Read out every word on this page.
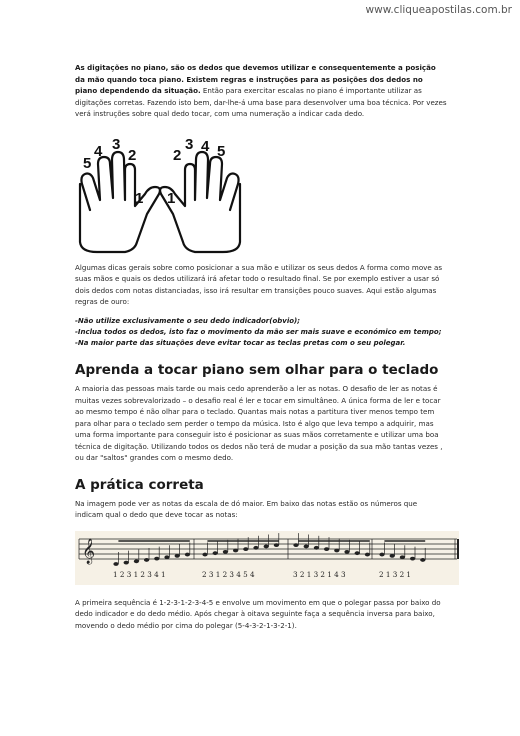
www.cliqueapostilas.com.br

As digitações no piano, são os dedos que devemos utilizar e consequentemente a posição da mão quando toca piano. Existem regras e instruções para as posições dos dedos no piano dependendo da situação. Então para exercitar escalas no piano é importante utilizar as digitações corretas. Fazendo isto bem, dar-lhe-á uma base para desenvolver uma boa técnica. Por vezes verá instruções sobre qual dedo tocar, com uma numeração a indicar cada dedo.

5
4 3
2
1
2
3 4 5
1

Algumas dicas gerais sobre como posicionar a sua mão e utilizar os seus dedos A forma como move as suas mãos e quais os dedos utilizará irá afetar todo o resultado final. Se por exemplo estiver a usar só dois dedos com notas distanciadas, isso irá resultar em transições pouco suaves. Aqui estão algumas regras de ouro:

-Não utilize exclusivamente o seu dedo indicador(obvio);

-Inclua todos os dedos, isto faz o movimento da mão ser mais suave e económico em tempo;

-Na maior parte das situações deve evitar tocar as teclas pretas com o seu polegar.

Aprenda a tocar piano sem olhar para o teclado

A maioria das pessoas mais tarde ou mais cedo aprenderão a ler as notas. O desafio de ler as notas é muitas vezes sobrevalorizado – o desafio real é ler e tocar em simultâneo. A única forma de ler e tocar ao mesmo tempo é não olhar para o teclado. Quantas mais notas a partitura tiver menos tempo tem para olhar para o teclado sem perder o tempo da música. Isto é algo que leva tempo a adquirir, mas uma forma importante para conseguir isto é posicionar as suas mãos corretamente e utilizar uma boa técnica de digitação. Utilizando todos os dedos não terá de mudar a posição da sua mão tantas vezes , ou dar "saltos" grandes com o mesmo dedo.

A prática correta

Na imagem pode ver as notas da escala de dó maior. Em baixo das notas estão os números que indicam qual o dedo que deve tocar as notas:

𝄞
1 2 3 1 2 3 4 1	2 3 1 2 3 4 5 4	3 2 1 3 2 1 4 3	2 1 3 2 1

A primeira sequência é 1-2-3-1-2-3-4-5 e envolve um movimento em que o polegar passa por baixo do dedo indicador e do dedo médio. Após chegar à oitava seguinte faça a sequência inversa para baixo, movendo o dedo médio por cima do polegar (5-4-3-2-1-3-2-1).
